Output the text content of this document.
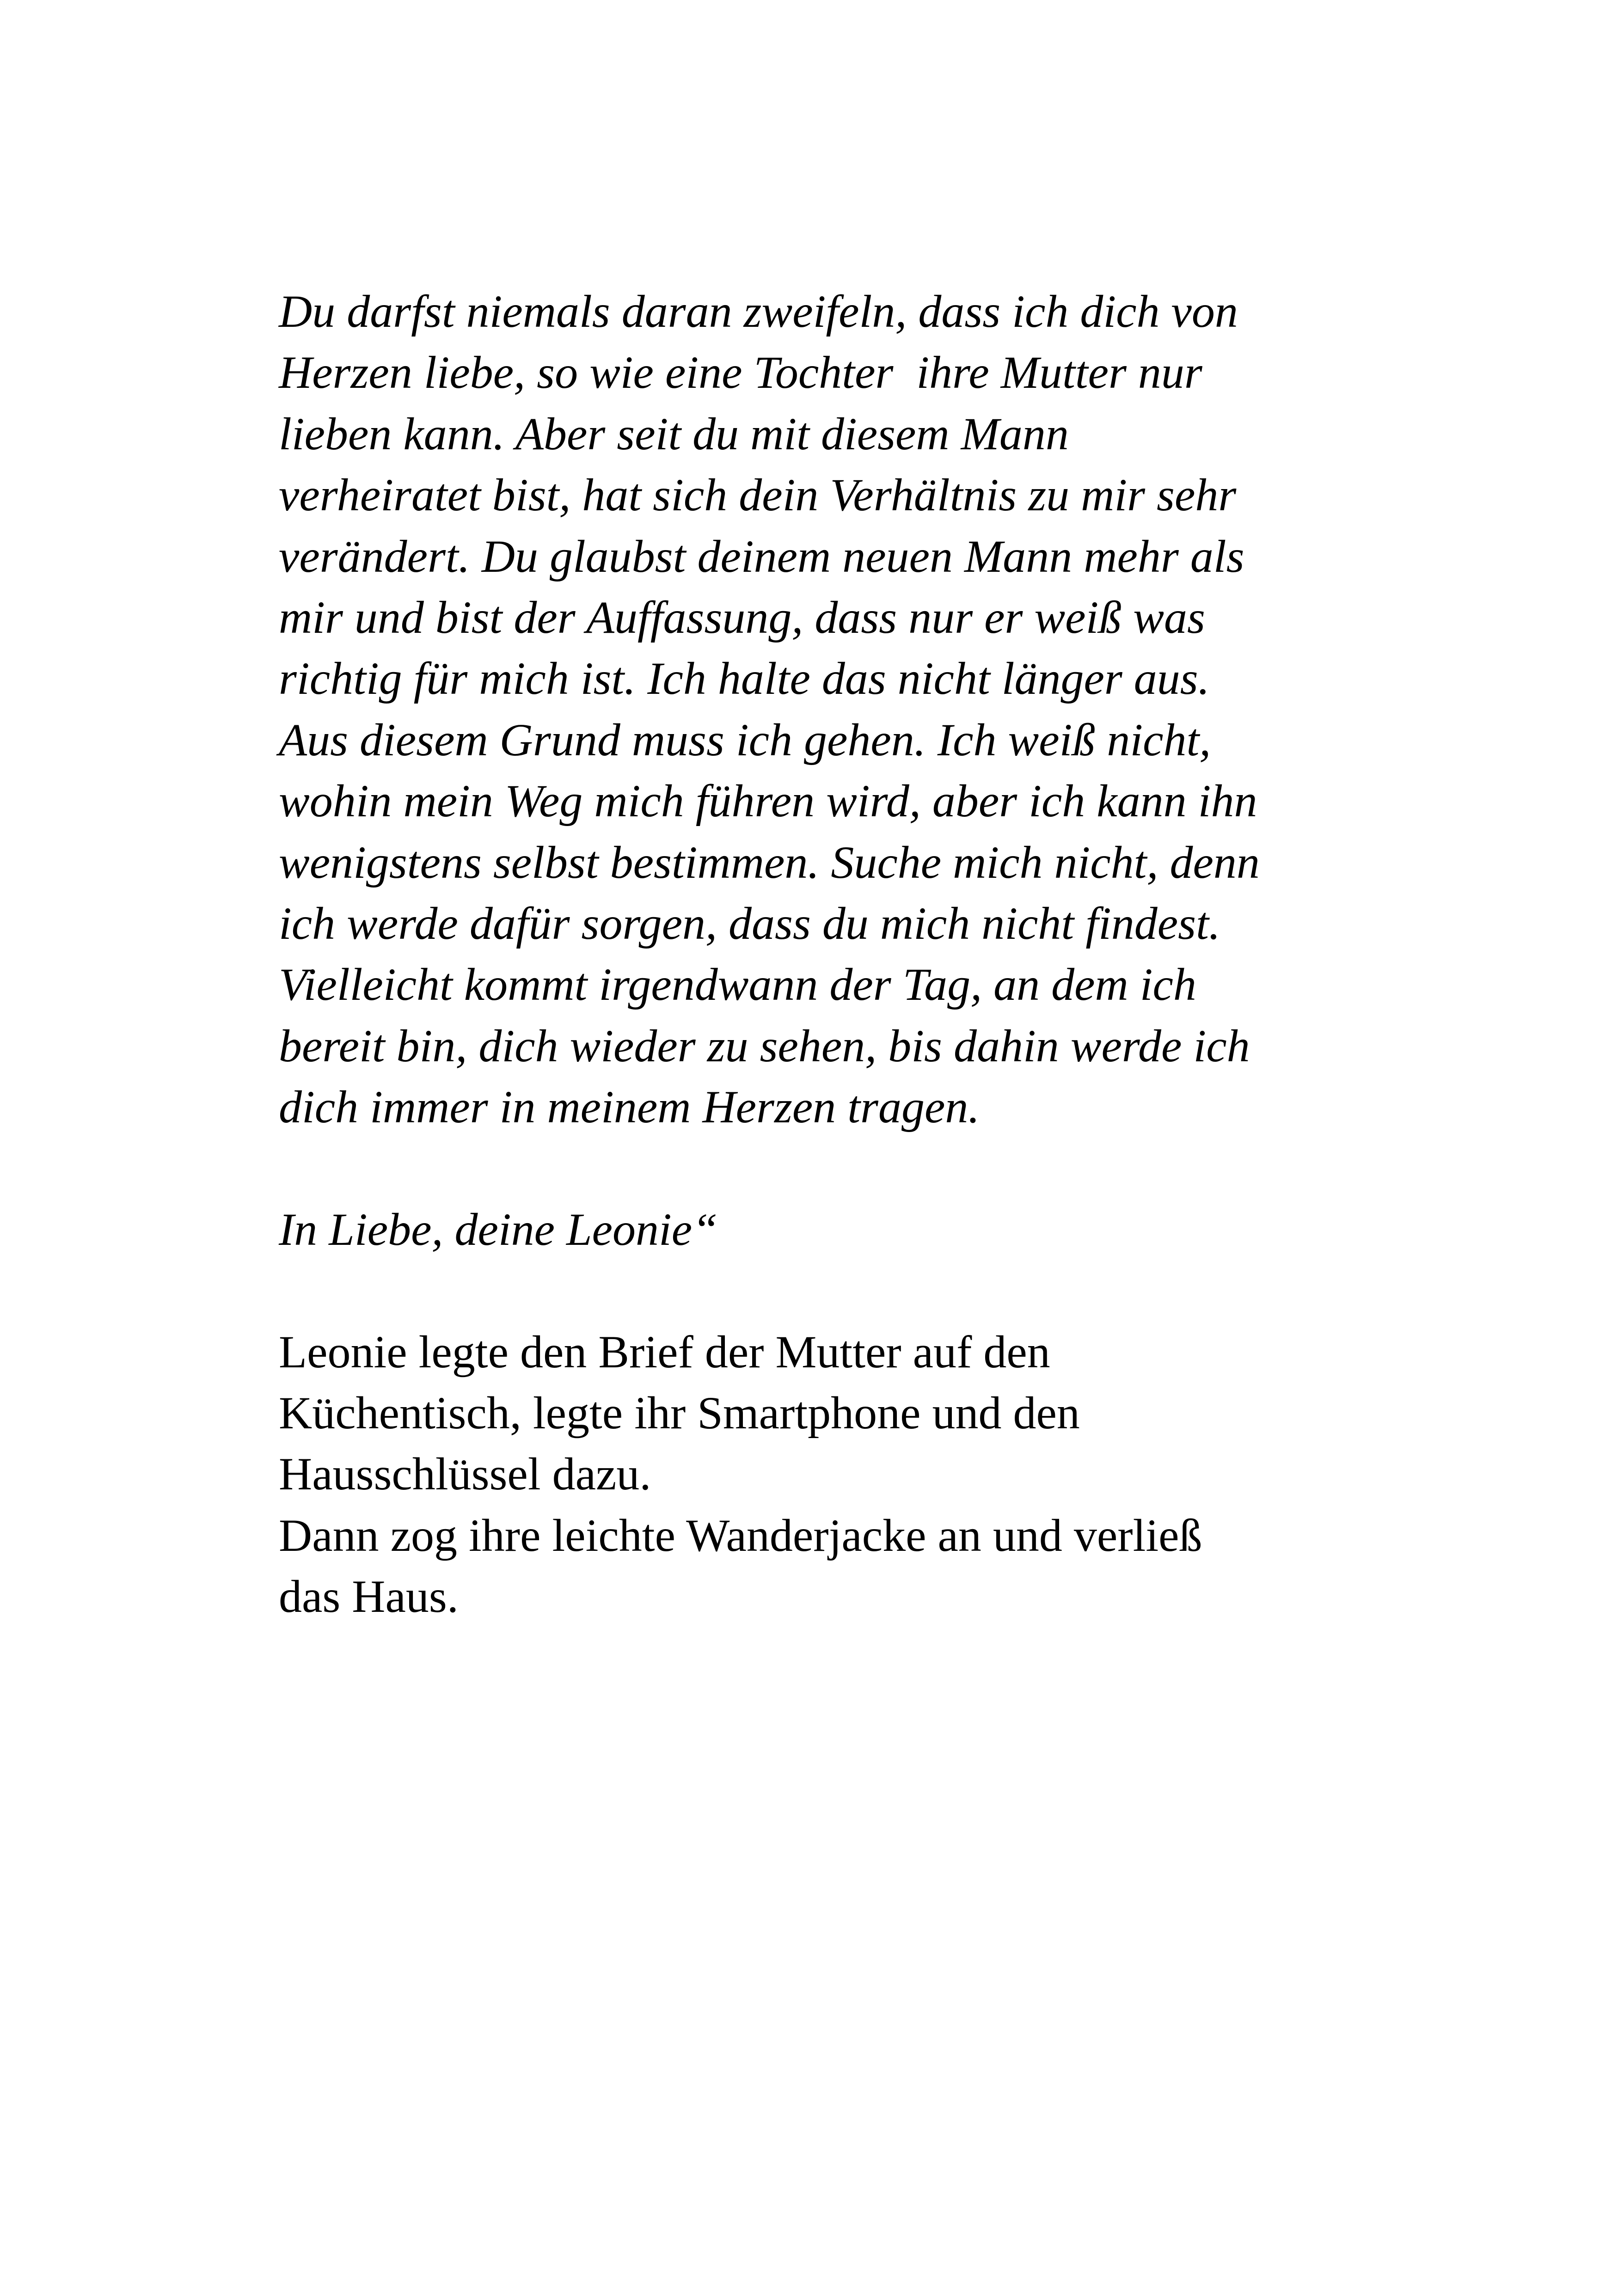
Du darfst niemals daran zweifeln, dass ich dich von
Herzen liebe, so wie eine Tochter  ihre Mutter nur
lieben kann. Aber seit du mit diesem Mann
verheiratet bist, hat sich dein Verhältnis zu mir sehr
verändert. Du glaubst deinem neuen Mann mehr als
mir und bist der Auffassung, dass nur er weiß was
richtig für mich ist. Ich halte das nicht länger aus.
Aus diesem Grund muss ich gehen. Ich weiß nicht,
wohin mein Weg mich führen wird, aber ich kann ihn
wenigstens selbst bestimmen. Suche mich nicht, denn
ich werde dafür sorgen, dass du mich nicht findest.
Vielleicht kommt irgendwann der Tag, an dem ich
bereit bin, dich wieder zu sehen, bis dahin werde ich
dich immer in meinem Herzen tragen.
In Liebe, deine Leonie“
Leonie legte den Brief der Mutter auf den
Küchentisch, legte ihr Smartphone und den
Hausschlüssel dazu.
Dann zog ihre leichte Wanderjacke an und verließ
das Haus.
